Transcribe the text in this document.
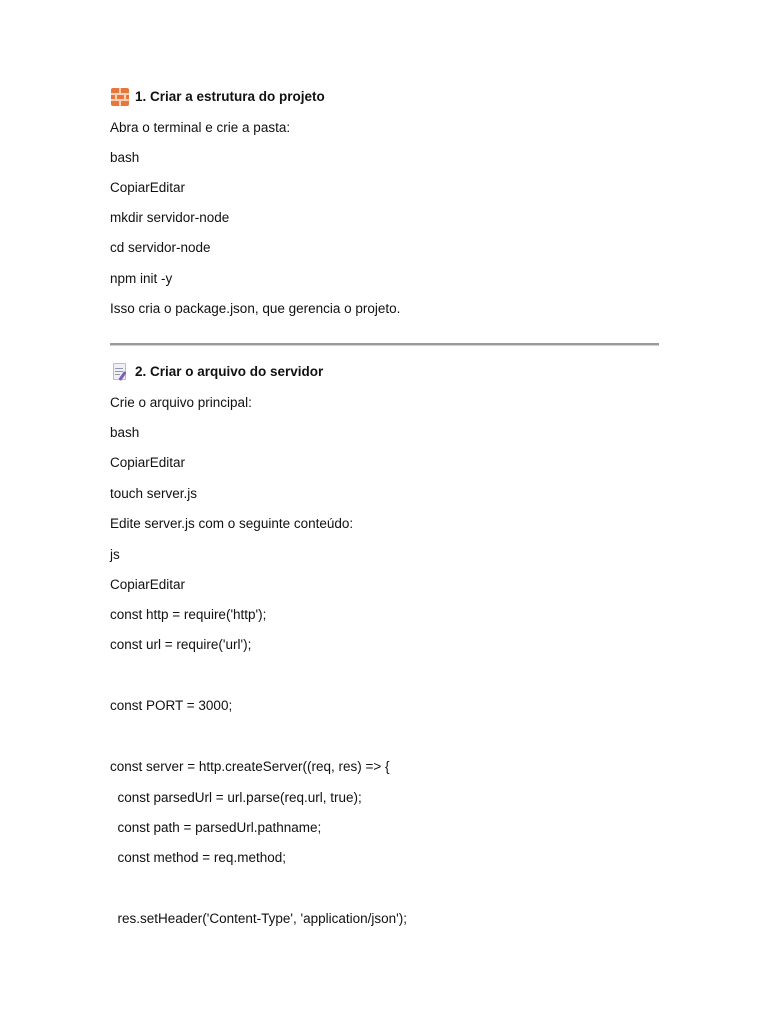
1. Criar a estrutura do projeto
Abra o terminal e crie a pasta:
bash
CopiarEditar
mkdir servidor-node
cd servidor-node
npm init -y
Isso cria o package.json, que gerencia o projeto.

2. Criar o arquivo do servidor
Crie o arquivo principal:
bash
CopiarEditar
touch server.js
Edite server.js com o seguinte conteúdo:
js
CopiarEditar
const http = require('http');
const url = require('url');
const PORT = 3000;
const server = http.createServer((req, res) => {
const parsedUrl = url.parse(req.url, true);
const path = parsedUrl.pathname;
const method = req.method;
res.setHeader('Content-Type', 'application/json');
